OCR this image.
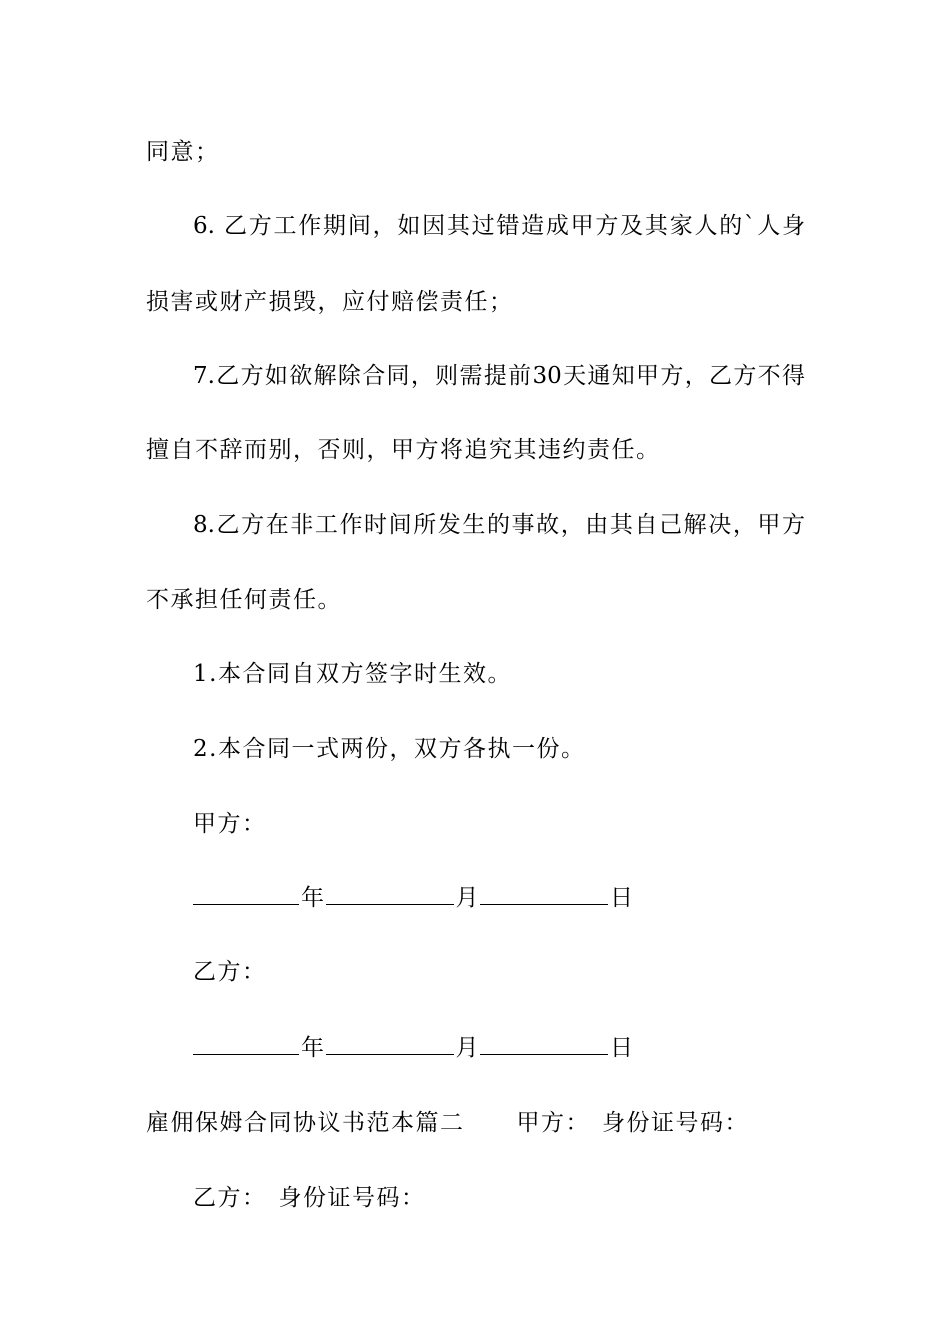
同意；
6. 乙方工作期间，如因其过错造成甲方及其家人的`人身
损害或财产损毁，应付赔偿责任；
7.乙方如欲解除合同，则需提前30天通知甲方，乙方不得
擅自不辞而别，否则，甲方将追究其违约责任。
8.乙方在非工作时间所发生的事故，由其自己解决，甲方
不承担任何责任。
1.本合同自双方签字时生效。
2.本合同一式两份，双方各执一份。
甲方：
年	月	日
乙方：
年	月	日
雇佣保姆合同协议书范本篇二 甲方： 身份证号码：
乙方： 身份证号码：
